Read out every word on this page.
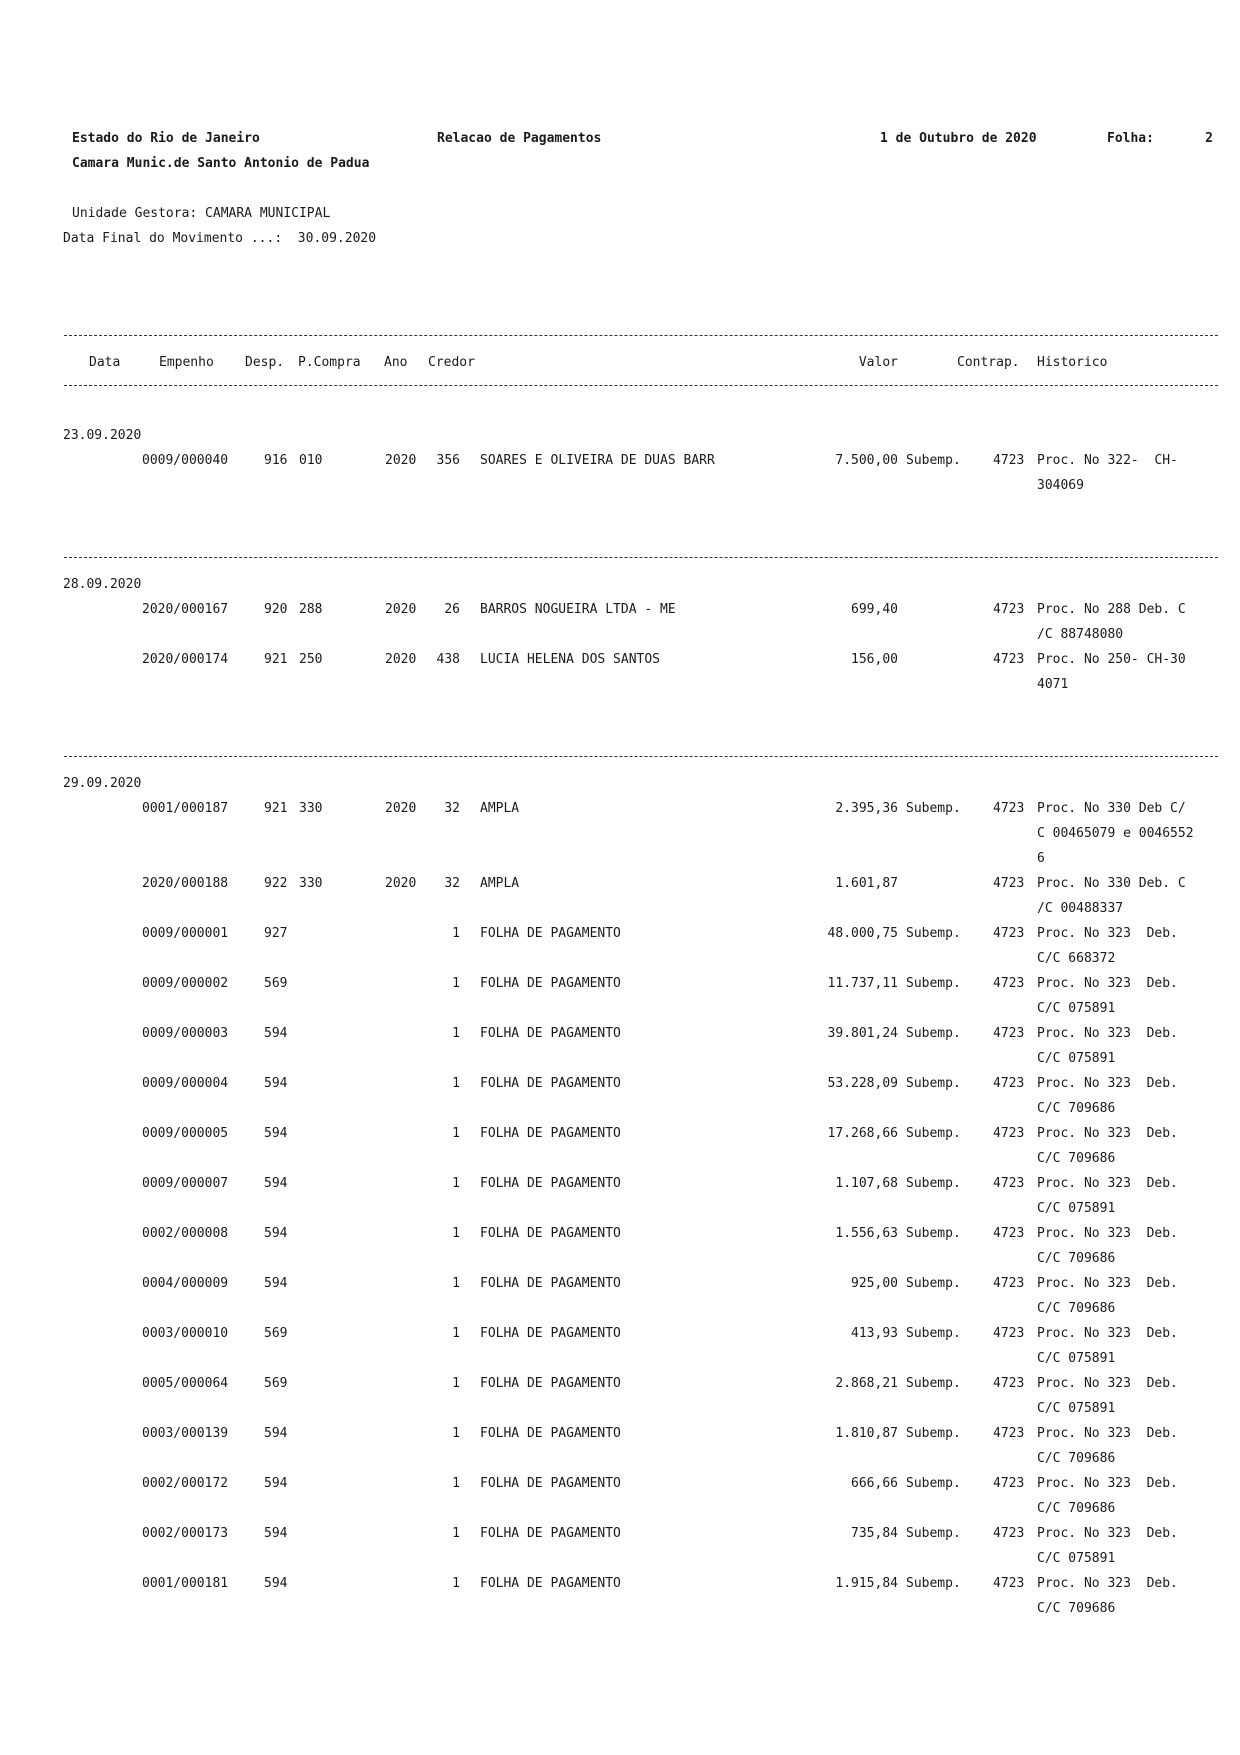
Estado do Rio de Janeiro	Relacao de Pagamentos	1 de Outubro de 2020	Folha:	2
Camara Munic.de Santo Antonio de Padua
Unidade Gestora: CAMARA MUNICIPAL
Data Final do Movimento ...:  30.09.2020
Data	Empenho Desp. P.Compra Ano Credor	Valor	Contrap. Historico
23.09.2020
0009/000040	916 010	2020	356 SOARES E OLIVEIRA DE DUAS BARR	7.500,00 Subemp. 4723 Proc. No 322-  CH-
304069
28.09.2020
2020/000167	920 288	2020	26 BARROS NOGUEIRA LTDA - ME	699,40	4723 Proc. No 288 Deb. C
/C 88748080
2020/000174	921 250	2020	438 LUCIA HELENA DOS SANTOS	156,00	4723 Proc. No 250- CH-30
4071
29.09.2020
0001/000187	921 330	2020	32 AMPLA	2.395,36 Subemp. 4723 Proc. No 330 Deb C/
C 00465079 e 0046552
6
2020/000188	922 330	2020	32 AMPLA	1.601,87	4723 Proc. No 330 Deb. C
/C 00488337
0009/000001	927	1 FOLHA DE PAGAMENTO	48.000,75 Subemp. 4723 Proc. No 323  Deb.
C/C 668372
0009/000002	569	1 FOLHA DE PAGAMENTO	11.737,11 Subemp. 4723 Proc. No 323  Deb.
C/C 075891
0009/000003	594	1 FOLHA DE PAGAMENTO	39.801,24 Subemp. 4723 Proc. No 323  Deb.
C/C 075891
0009/000004	594	1 FOLHA DE PAGAMENTO	53.228,09 Subemp. 4723 Proc. No 323  Deb.
C/C 709686
0009/000005	594	1 FOLHA DE PAGAMENTO	17.268,66 Subemp. 4723 Proc. No 323  Deb.
C/C 709686
0009/000007	594	1 FOLHA DE PAGAMENTO	1.107,68 Subemp. 4723 Proc. No 323  Deb.
C/C 075891
0002/000008	594	1 FOLHA DE PAGAMENTO	1.556,63 Subemp. 4723 Proc. No 323  Deb.
C/C 709686
0004/000009	594	1 FOLHA DE PAGAMENTO	925,00 Subemp. 4723 Proc. No 323  Deb.
C/C 709686
0003/000010	569	1 FOLHA DE PAGAMENTO	413,93 Subemp. 4723 Proc. No 323  Deb.
C/C 075891
0005/000064	569	1 FOLHA DE PAGAMENTO	2.868,21 Subemp. 4723 Proc. No 323  Deb.
C/C 075891
0003/000139	594	1 FOLHA DE PAGAMENTO	1.810,87 Subemp. 4723 Proc. No 323  Deb.
C/C 709686
0002/000172	594	1 FOLHA DE PAGAMENTO	666,66 Subemp. 4723 Proc. No 323  Deb.
C/C 709686
0002/000173	594	1 FOLHA DE PAGAMENTO	735,84 Subemp. 4723 Proc. No 323  Deb.
C/C 075891
0001/000181	594	1 FOLHA DE PAGAMENTO	1.915,84 Subemp. 4723 Proc. No 323  Deb.
C/C 709686
